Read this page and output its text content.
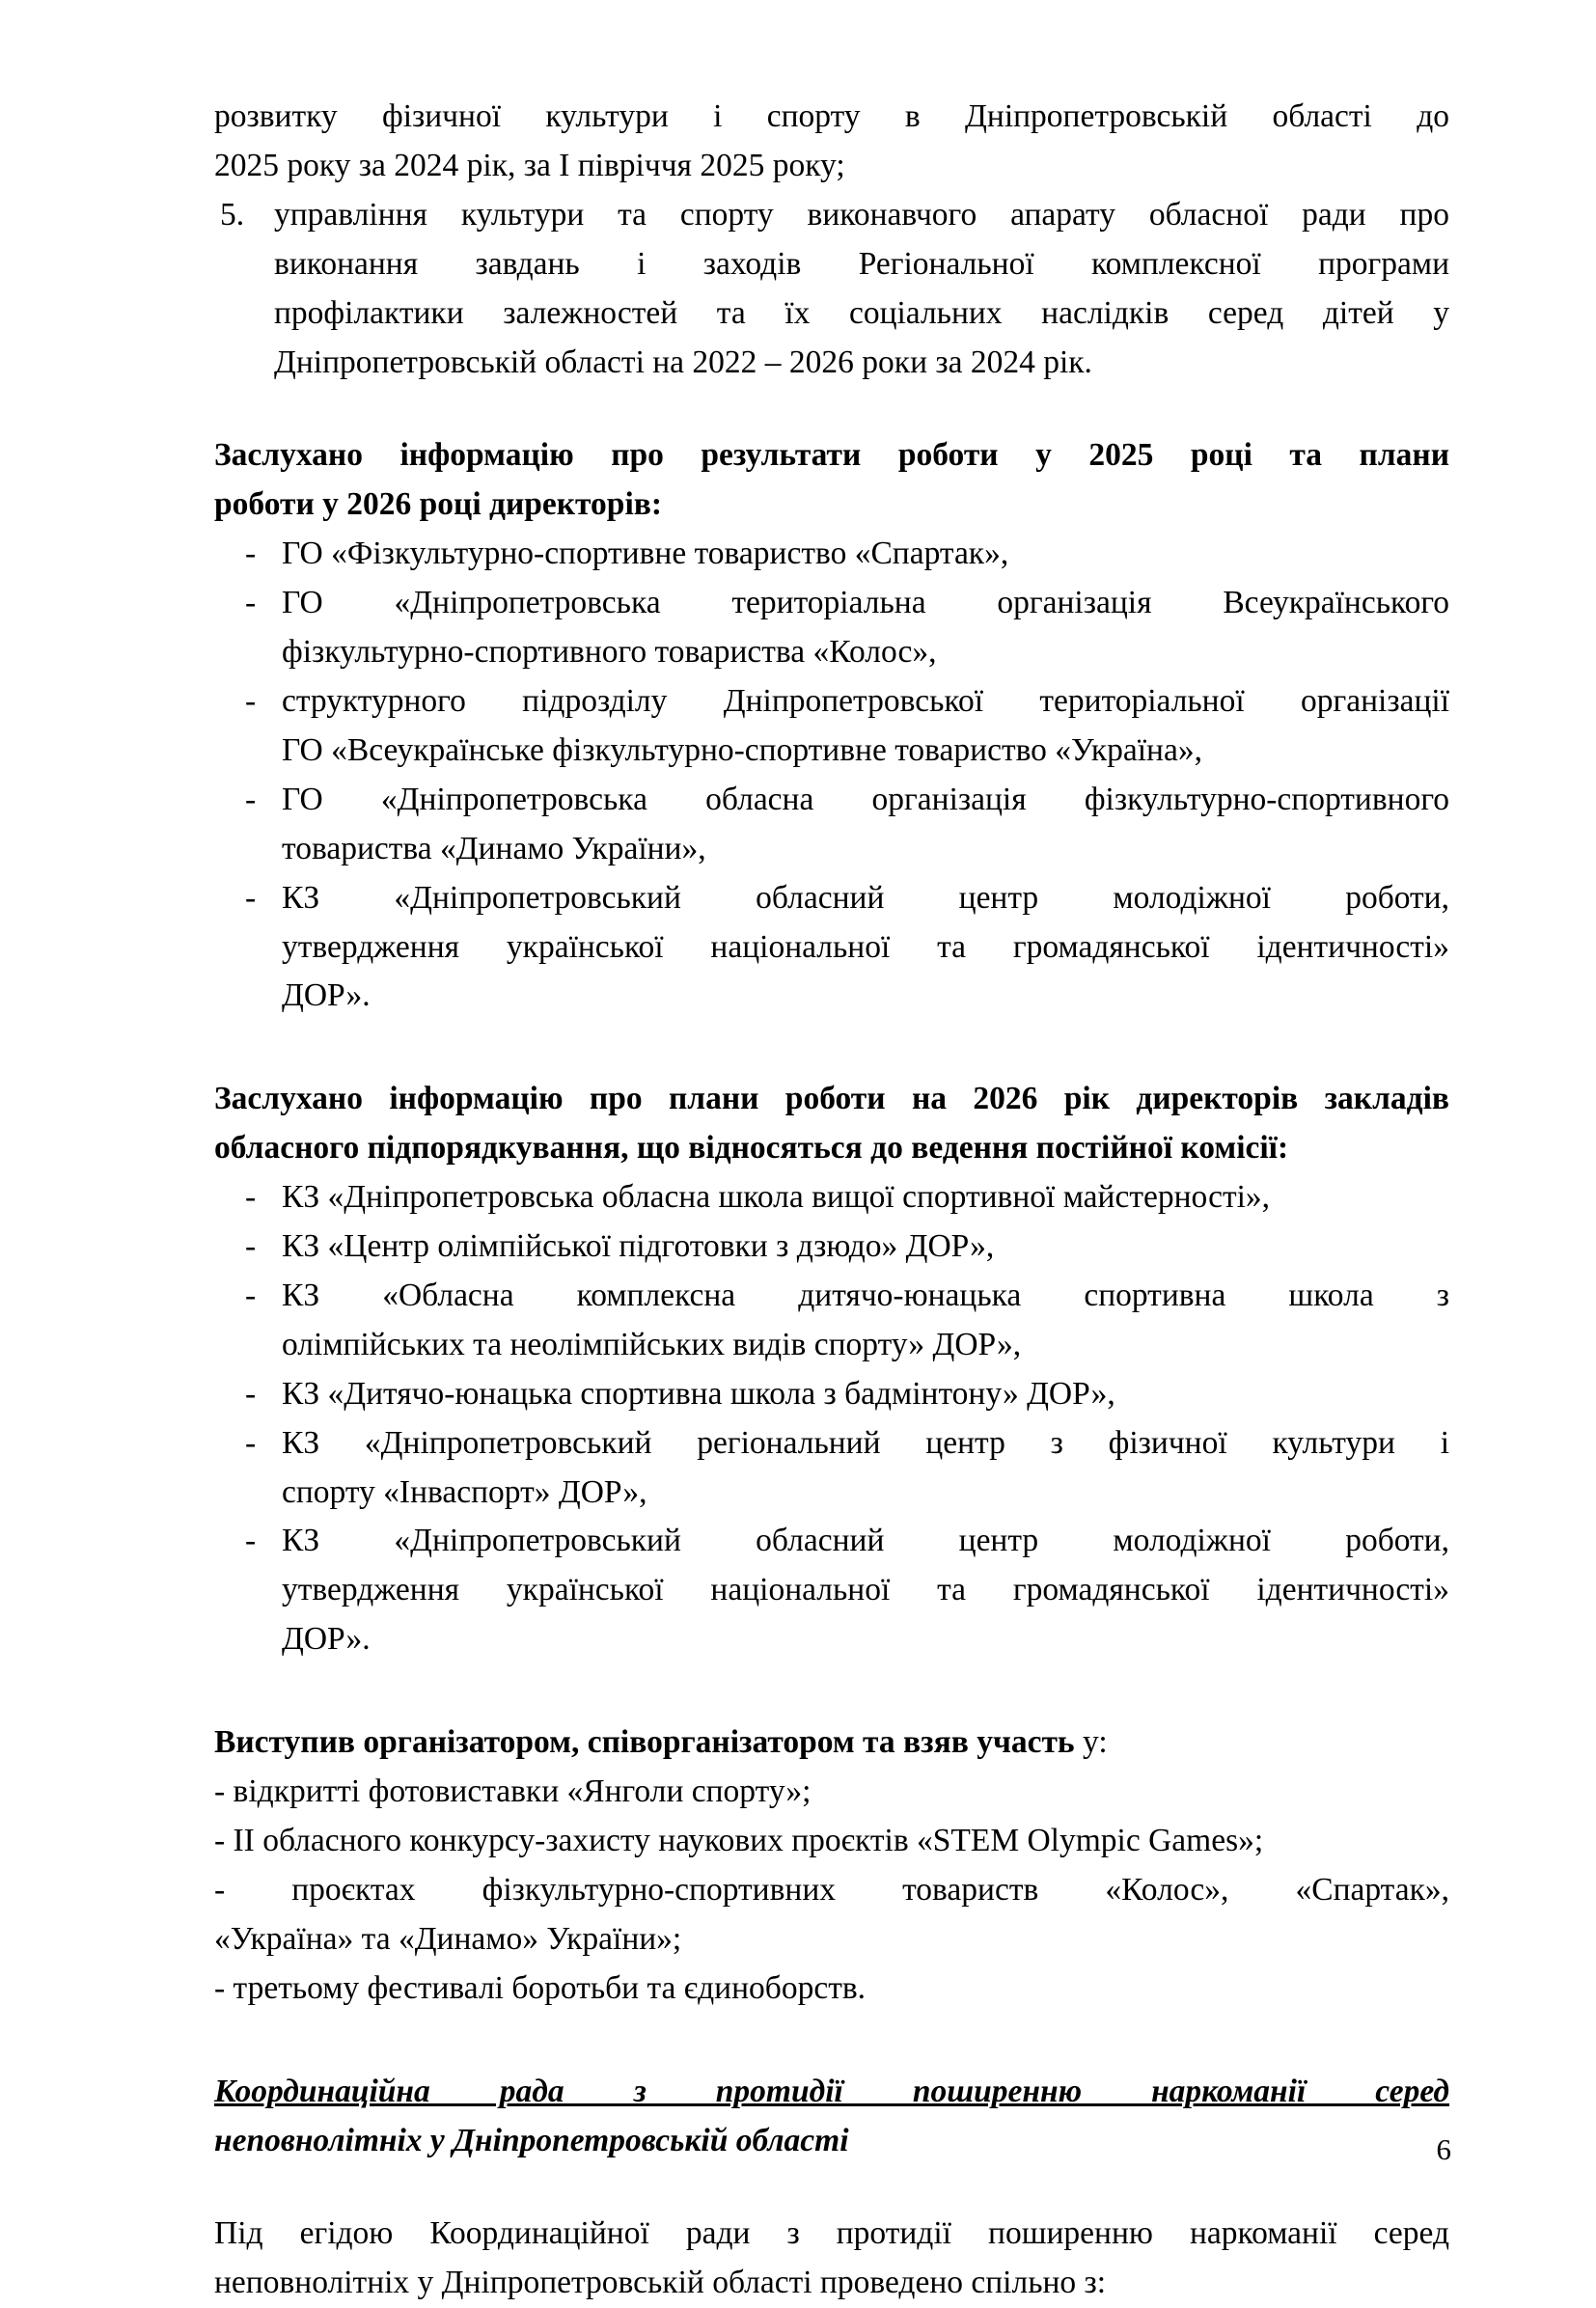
розвитку фізичної культури і спорту в Дніпропетровській області до
2025 року за 2024 рік, за I півріччя 2025 року;
5. управління культури та спорту виконавчого апарату обласної ради про
виконання завдань і заходів Регіональної комплексної програми
профілактики залежностей та їх соціальних наслідків серед дітей у
Дніпропетровській області на 2022 – 2026 роки за 2024 рік.
Заслухано інформацію про результати роботи у 2025 році та плани
роботи у 2026 році директорів:
- ГО «Фізкультурно-спортивне товариство «Спартак»,
- ГО «Дніпропетровська територіальна організація Всеукраїнського
фізкультурно-спортивного товариства «Колос»,
- структурного підрозділу Дніпропетровської територіальної організації
ГО «Всеукраїнське фізкультурно-спортивне товариство «Україна»,
- ГО «Дніпропетровська обласна організація фізкультурно-спортивного
товариства «Динамо України»,
- КЗ «Дніпропетровський обласний центр молодіжної роботи,
утвердження української національної та громадянської ідентичності»
ДОР».
Заслухано інформацію про плани роботи на 2026 рік директорів закладів
обласного підпорядкування, що відносяться до ведення постійної комісії:
- КЗ «Дніпропетровська обласна школа вищої спортивної майстерності»,
- КЗ «Центр олімпійської підготовки з дзюдо» ДОР»,
- КЗ «Обласна комплексна дитячо-юнацька спортивна школа з
олімпійських та неолімпійських видів спорту» ДОР»,
- КЗ «Дитячо-юнацька спортивна школа з бадмінтону» ДОР»,
- КЗ «Дніпропетровський регіональний центр з фізичної культури і
спорту «Інваспорт» ДОР»,
- КЗ «Дніпропетровський обласний центр молодіжної роботи,
утвердження української національної та громадянської ідентичності»
ДОР».
Виступив організатором, співорганізатором та взяв участь у:
- відкритті фотовиставки «Янголи спорту»;
- II обласного конкурсу-захисту наукових проєктів «STEM Olympic Games»;
- проєктах фізкультурно-спортивних товариств «Колос», «Спартак»,
«Україна» та «Динамо» України»;
- третьому фестивалі боротьби та єдиноборств.
Координаційна рада з протидії поширенню наркоманії серед
неповнолітніх у Дніпропетровській області
Під егідою Координаційної ради з протидії поширенню наркоманії серед
неповнолітніх у Дніпропетровській області проведено спільно з:
6
